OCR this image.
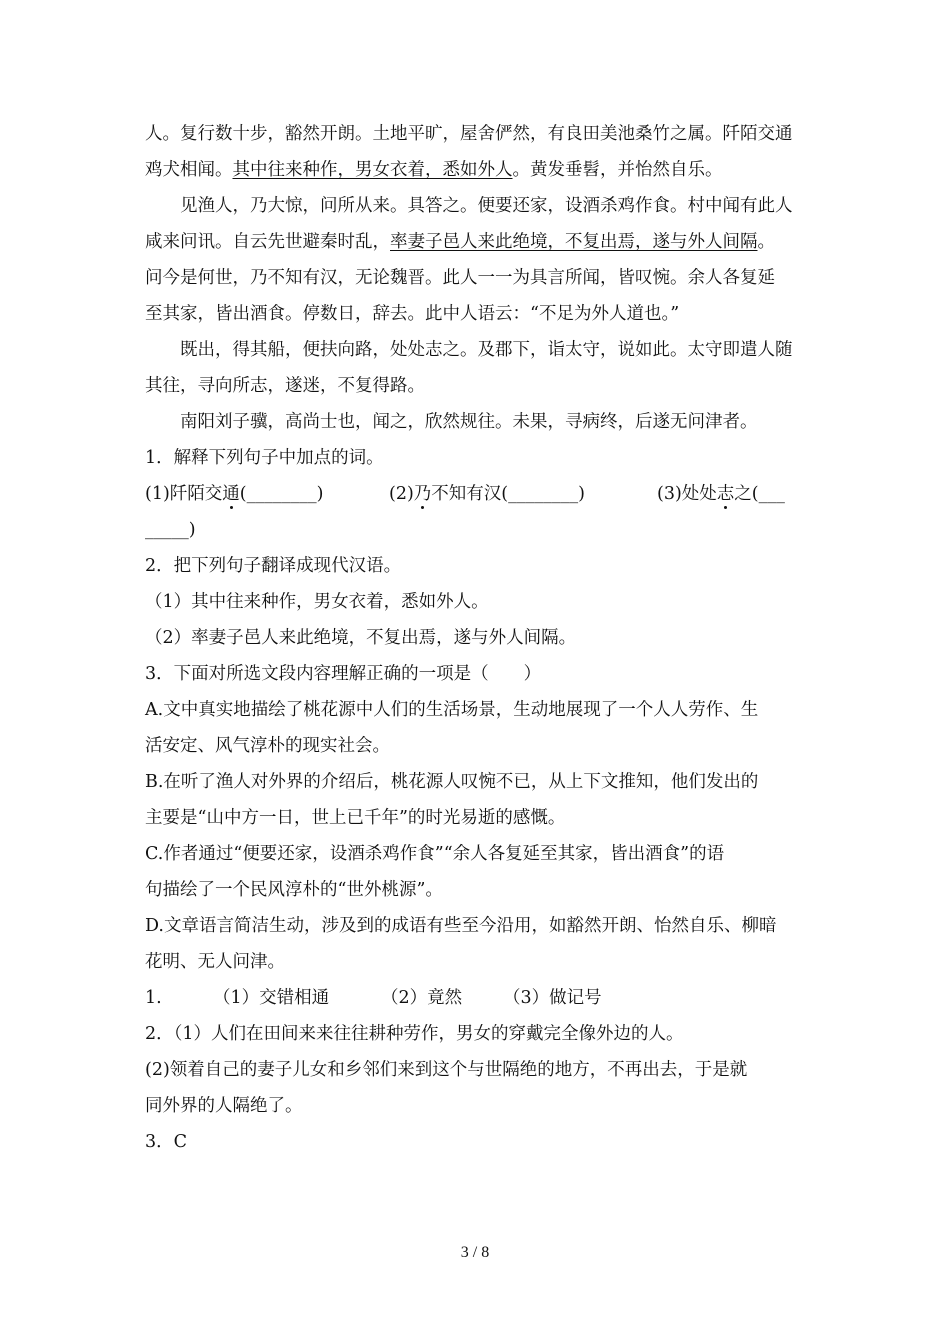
人。复行数十步，豁然开朗。土地平旷，屋舍俨然，有良田美池桑竹之属。阡陌交通
鸡犬相闻。其中往来种作，男女衣着，悉如外人。黄发垂髫，并怡然自乐。
　　见渔人，乃大惊，问所从来。具答之。便要还家，设酒杀鸡作食。村中闻有此人
咸来问讯。自云先世避秦时乱，率妻子邑人来此绝境，不复出焉，遂与外人间隔。
问今是何世，乃不知有汉，无论魏晋。此人一一为具言所闻，皆叹惋。余人各复延
至其家，皆出酒食。停数日，辞去。此中人语云：“不足为外人道也。”
　　既出，得其船，便扶向路，处处志之。及郡下，诣太守，说如此。太守即遣人随
其往，寻向所志，遂迷，不复得路。
　　南阳刘子骥，高尚士也，闻之，欣然规往。未果，寻病终，后遂无问津者。
1．解释下列句子中加点的词。
(1)阡陌交通(________)	(2)乃不知有汉(________)	(3)处处志之(___
_____)
2．把下列句子翻译成现代汉语。
（1）其中往来种作，男女衣着，悉如外人。
（2）率妻子邑人来此绝境，不复出焉，遂与外人间隔。
3．下面对所选文段内容理解正确的一项是（　　）
A.文中真实地描绘了桃花源中人们的生活场景，生动地展现了一个人人劳作、生
活安定、风气淳朴的现实社会。
B.在听了渔人对外界的介绍后，桃花源人叹惋不已，从上下文推知，他们发出的
主要是“山中方一日，世上已千年”的时光易逝的感慨。
C.作者通过“便要还家，设酒杀鸡作食”“余人各复延至其家，皆出酒食”的语
句描绘了一个民风淳朴的“世外桃源”。
D.文章语言简洁生动，涉及到的成语有些至今沿用，如豁然开朗、怡然自乐、柳暗
花明、无人问津。
1.	（1）交错相通	（2）竟然 （3）做记号
2．（1）人们在田间来来往往耕种劳作，男女的穿戴完全像外边的人。
(2)领着自己的妻子儿女和乡邻们来到这个与世隔绝的地方，不再出去，于是就
同外界的人隔绝了。
3．C
3 / 8
